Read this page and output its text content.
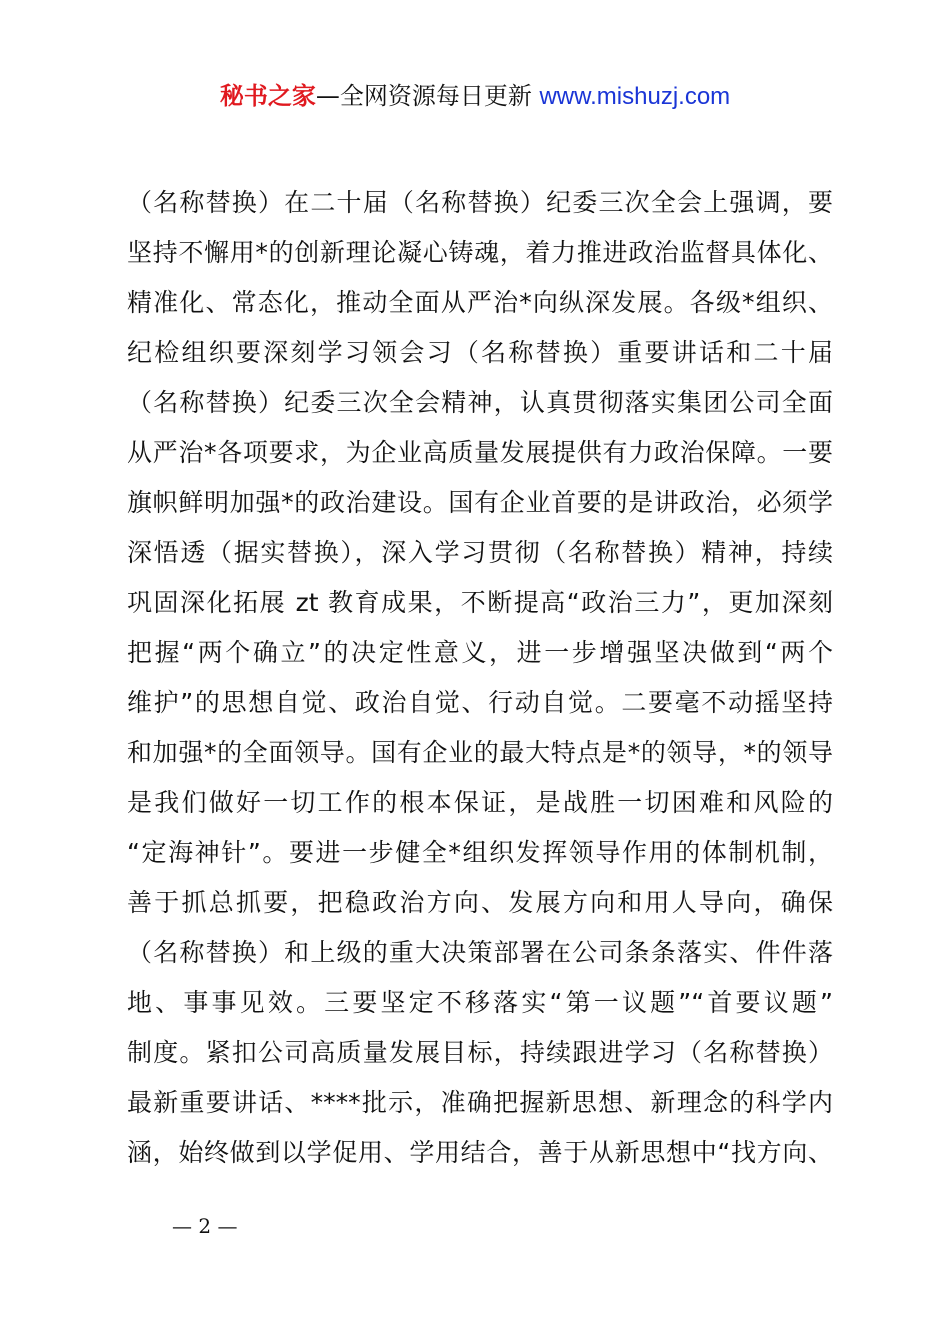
秘书之家—全网资源每日更新 www.mishuzj.com
（名称替换）在二十届（名称替换）纪委三次全会上强调，要
坚持不懈用*的创新理论凝心铸魂，着力推进政治监督具体化、
精准化、常态化，推动全面从严治*向纵深发展。各级*组织、
纪检组织要深刻学习领会习（名称替换）重要讲话和二十届
（名称替换）纪委三次全会精神，认真贯彻落实集团公司全面
从严治*各项要求，为企业高质量发展提供有力政治保障。一要
旗帜鲜明加强*的政治建设。国有企业首要的是讲政治，必须学
深悟透（据实替换），深入学习贯彻（名称替换）精神，持续
巩固深化拓展 zt 教育成果，不断提高“政治三力”，更加深刻
把握“两个确立”的决定性意义，进一步增强坚决做到“两个
维护”的思想自觉、政治自觉、行动自觉。二要毫不动摇坚持
和加强*的全面领导。国有企业的最大特点是*的领导，*的领导
是我们做好一切工作的根本保证，是战胜一切困难和风险的
“定海神针”。要进一步健全*组织发挥领导作用的体制机制，
善于抓总抓要，把稳政治方向、发展方向和用人导向，确保
（名称替换）和上级的重大决策部署在公司条条落实、件件落
地、事事见效。三要坚定不移落实“第一议题”“首要议题”
制度。紧扣公司高质量发展目标，持续跟进学习（名称替换）
最新重要讲话、****批示，准确把握新思想、新理念的科学内
涵，始终做到以学促用、学用结合，善于从新思想中“找方向、
— 2 —
